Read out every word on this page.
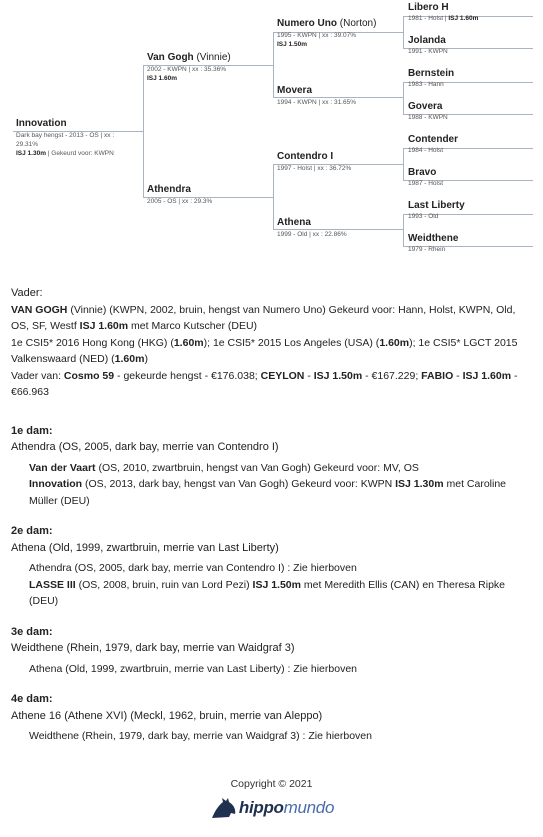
Innovation
Dark bay hengst - 2013 - OS | xx :
29.31%
ISJ 1.30m | Gekeurd voor: KWPN
Van Gogh (Vinnie)
2002 - KWPN | xx : 35.36%
ISJ 1.60m
Athendra
2005 - OS | xx : 29.3%
Numero Uno (Norton)
1995 - KWPN | xx : 39.07%
ISJ 1.50m
Movera
1994 - KWPN | xx : 31.65%
Contendro I
1997 - Holst | xx : 36.72%
Athena
1999 - Old | xx : 22.86%
Libero H
1981 - Holst | ISJ 1.60m
Jolanda
1991 - KWPN
Bernstein
1983 - Hann
Govera
1988 - KWPN
Contender
1984 - Holst
Bravo
1987 - Holst
Last Liberty
1993 - Old
Weidthene
1979 - Rhein

Vader:

VAN GOGH (Vinnie) (KWPN, 2002, bruin, hengst van Numero Uno) Gekeurd voor: Hann, Holst, KWPN, Old, OS, SF, Westf ISJ 1.60m met Marco Kutscher (DEU)

1e CSI5* 2016 Hong Kong (HKG) (1.60m); 1e CSI5* 2015 Los Angeles (USA) (1.60m); 1e CSI5* LGCT 2015 Valkenswaard (NED) (1.60m)

Vader van: Cosmo 59 - gekeurde hengst - €176.038; CEYLON - ISJ 1.50m - €167.229; FABIO - ISJ 1.60m - €66.963

1e dam:

Athendra (OS, 2005, dark bay, merrie van Contendro I)

Van der Vaart (OS, 2010, zwartbruin, hengst van Van Gogh) Gekeurd voor: MV, OS

Innovation (OS, 2013, dark bay, hengst van Van Gogh) Gekeurd voor: KWPN ISJ 1.30m met Caroline Müller (DEU)

2e dam:

Athena (Old, 1999, zwartbruin, merrie van Last Liberty)

Athendra (OS, 2005, dark bay, merrie van Contendro I) : Zie hierboven

LASSE III (OS, 2008, bruin, ruin van Lord Pezi) ISJ 1.50m met Meredith Ellis (CAN) en Theresa Ripke (DEU)

3e dam:

Weidthene (Rhein, 1979, dark bay, merrie van Waidgraf 3)

Athena (Old, 1999, zwartbruin, merrie van Last Liberty) : Zie hierboven

4e dam:

Athene 16 (Athene XVI) (Meckl, 1962, bruin, merrie van Aleppo)

Weidthene (Rhein, 1979, dark bay, merrie van Waidgraf 3) : Zie hierboven

Copyright © 2021
hippomundo
